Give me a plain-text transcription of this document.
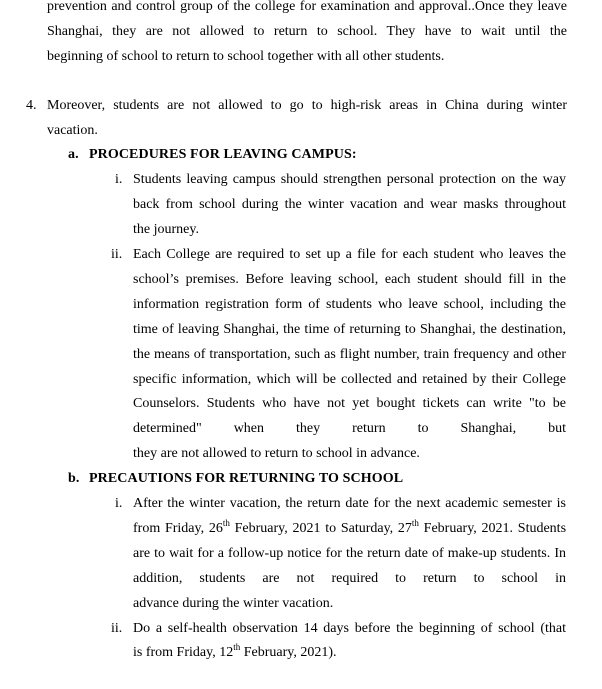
prevention and control group of the college for examination and approval..Once they leave Shanghai, they are not allowed to return to school. They have to wait until the
beginning of school to return to school together with all other students.
4. Moreover, students are not allowed to go to high-risk areas in China during winter
vacation.
a. PROCEDURES FOR LEAVING CAMPUS:
i. Students leaving campus should strengthen personal protection on the way back from school during the winter vacation and wear masks throughout
the journey.
ii. Each College are required to set up a file for each student who leaves the school’s premises. Before leaving school, each student should fill in the information registration form of students who leave school, including the time of leaving Shanghai, the time of returning to Shanghai, the destination, the means of transportation, such as flight number, train frequency and other specific information, which will be collected and retained by their College Counselors. Students who have not yet bought tickets can write "to be determined" when they return to Shanghai, but
they are not allowed to return to school in advance.
b. PRECAUTIONS FOR RETURNING TO SCHOOL
i. After the winter vacation, the return date for the next academic semester is from Friday, 26th February, 2021 to Saturday, 27th February, 2021. Students are to wait for a follow-up notice for the return date of make-up students. In addition, students are not required to return to school in
advance during the winter vacation.
ii. Do a self-health observation 14 days before the beginning of school (that
is from Friday, 12th February, 2021).
